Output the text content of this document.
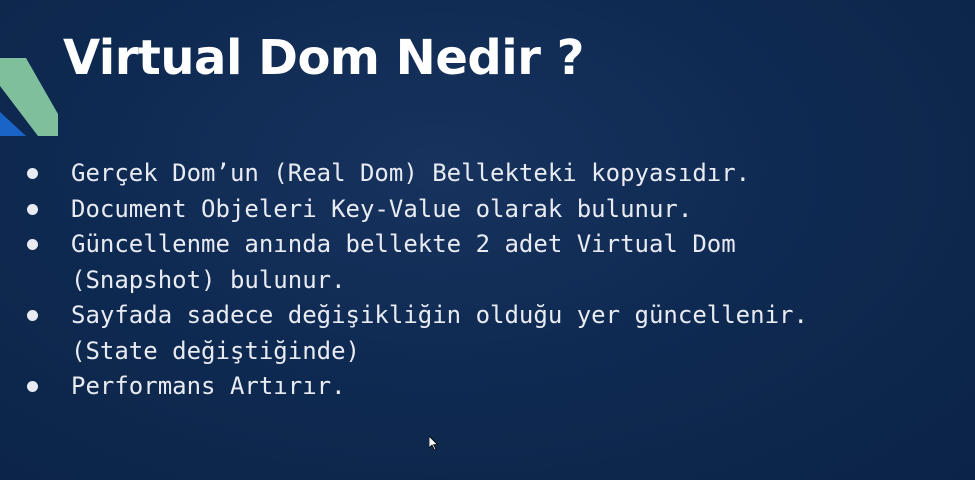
Virtual Dom Nedir ?
Gerçek Dom’un (Real Dom) Bellekteki kopyasıdır.
Document Objeleri Key-Value olarak bulunur.
Güncellenme anında bellekte 2 adet Virtual Dom
(Snapshot) bulunur.
Sayfada sadece değişikliğin olduğu yer güncellenir.
(State değiştiğinde)
Performans Artırır.
